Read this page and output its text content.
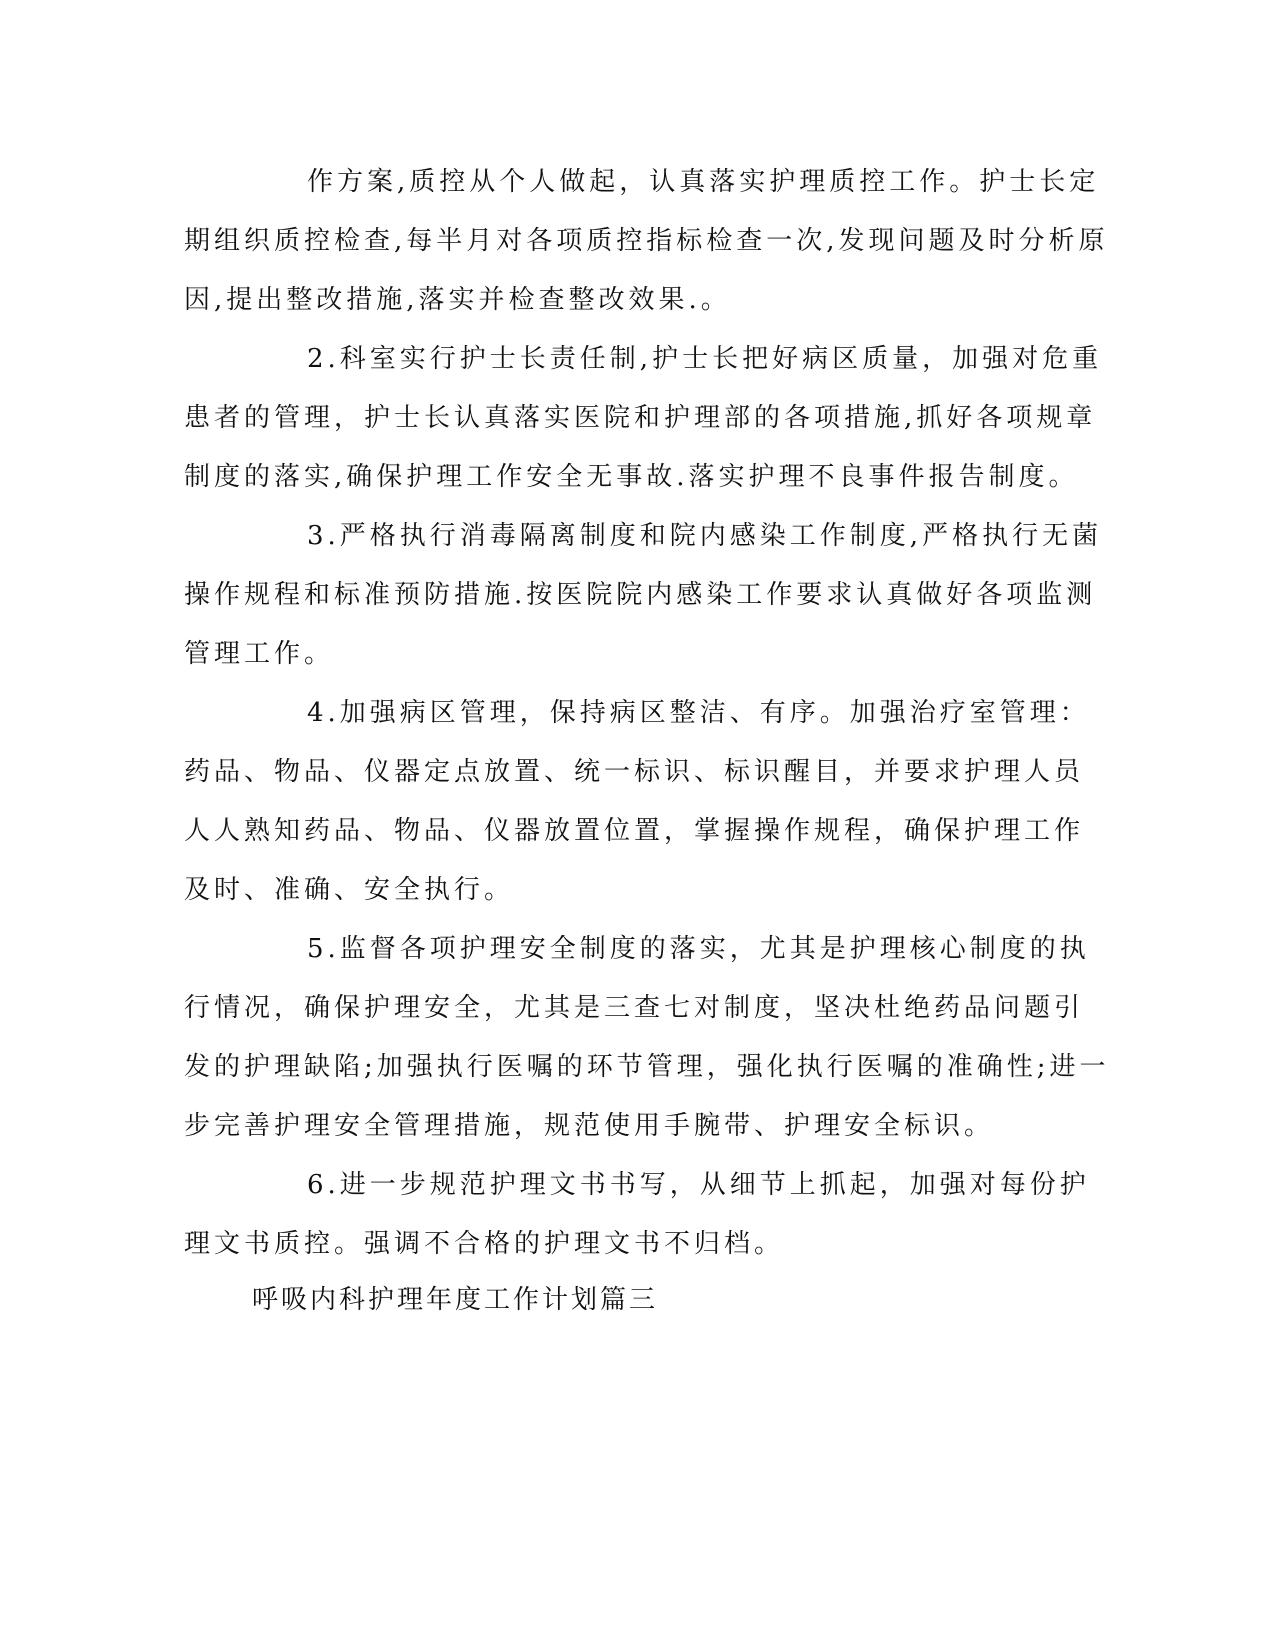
作方案,质控从个人做起，认真落实护理质控工作。护士长定
期组织质控检查,每半月对各项质控指标检查一次,发现问题及时分析原
因,提出整改措施,落实并检查整改效果.。
2.科室实行护士长责任制,护士长把好病区质量，加强对危重
患者的管理，护士长认真落实医院和护理部的各项措施,抓好各项规章
制度的落实,确保护理工作安全无事故.落实护理不良事件报告制度。
3.严格执行消毒隔离制度和院内感染工作制度,严格执行无菌
操作规程和标准预防措施.按医院院内感染工作要求认真做好各项监测
管理工作。
4.加强病区管理，保持病区整洁、有序。加强治疗室管理：
药品、物品、仪器定点放置、统一标识、标识醒目，并要求护理人员
人人熟知药品、物品、仪器放置位置，掌握操作规程，确保护理工作
及时、准确、安全执行。
5.监督各项护理安全制度的落实，尤其是护理核心制度的执
行情况，确保护理安全，尤其是三查七对制度，坚决杜绝药品问题引
发的护理缺陷;加强执行医嘱的环节管理，强化执行医嘱的准确性;进一
步完善护理安全管理措施，规范使用手腕带、护理安全标识。
6.进一步规范护理文书书写，从细节上抓起，加强对每份护
理文书质控。强调不合格的护理文书不归档。
呼吸内科护理年度工作计划篇三
